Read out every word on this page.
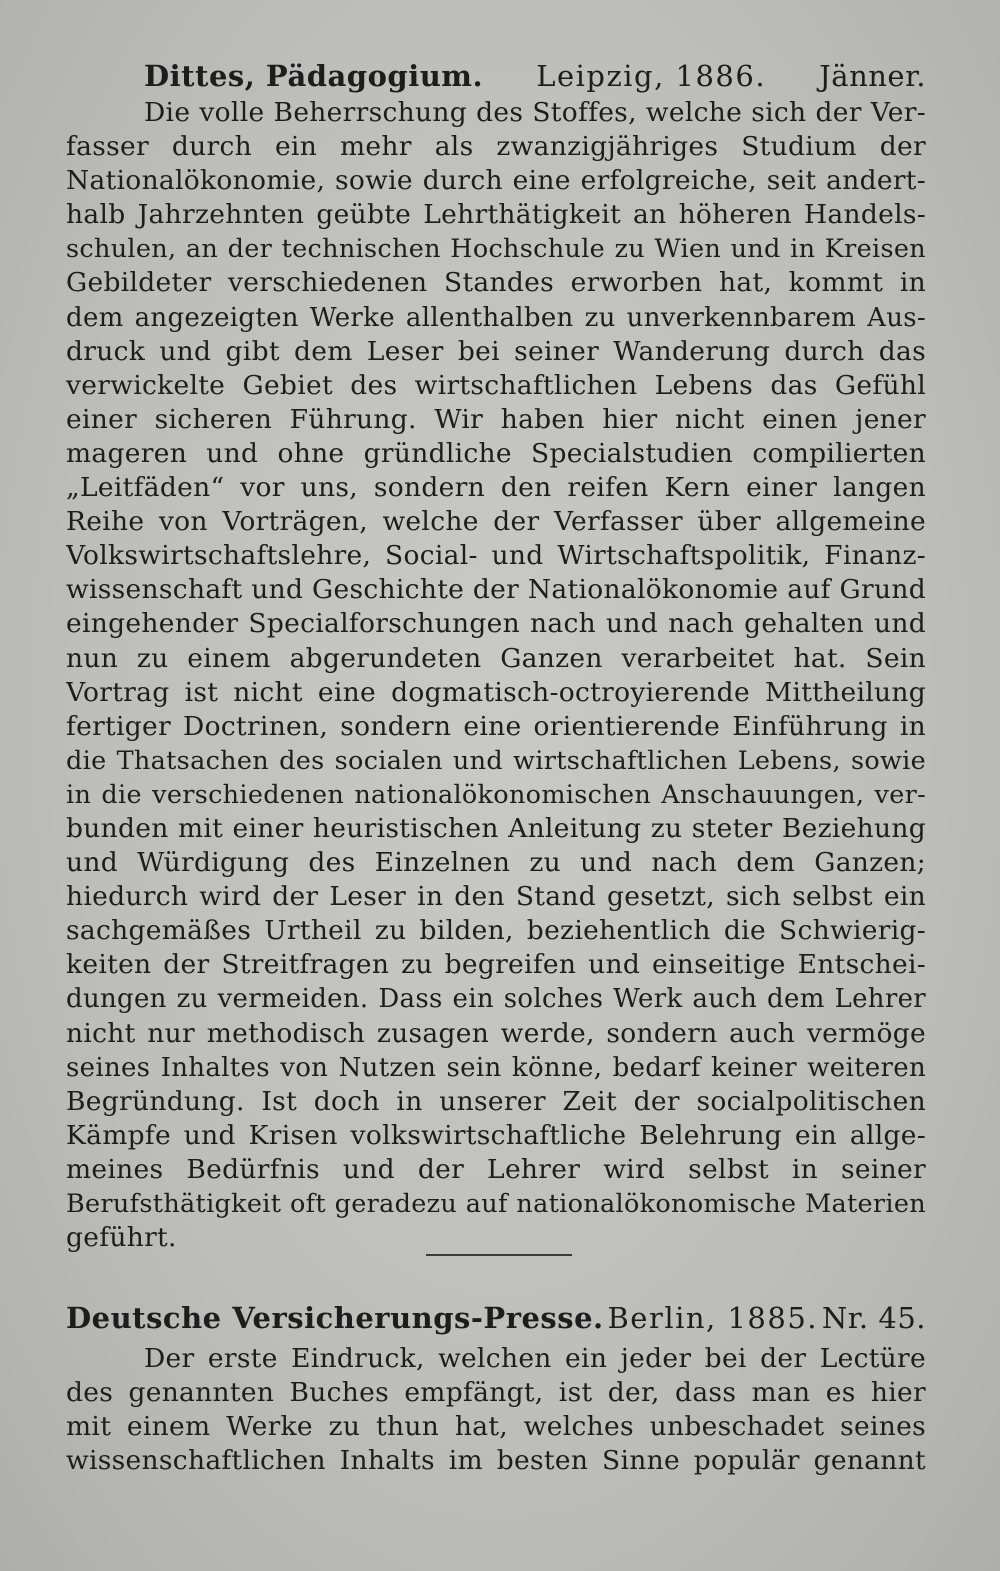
Dittes, Pädagogium. Leipzig, 1886. Jänner.
Die volle Beherrschung des Stoffes, welche sich der Ver-
fasser durch ein mehr als zwanzigjähriges Studium der
Nationalökonomie, sowie durch eine erfolgreiche, seit andert-
halb Jahrzehnten geübte Lehrthätigkeit an höheren Handels-
schulen, an der technischen Hochschule zu Wien und in Kreisen
Gebildeter verschiedenen Standes erworben hat, kommt in
dem angezeigten Werke allenthalben zu unverkennbarem Aus-
druck und gibt dem Leser bei seiner Wanderung durch das
verwickelte Gebiet des wirtschaftlichen Lebens das Gefühl
einer sicheren Führung. Wir haben hier nicht einen jener
mageren und ohne gründliche Specialstudien compilierten
„Leitfäden“ vor uns, sondern den reifen Kern einer langen
Reihe von Vorträgen, welche der Verfasser über allgemeine
Volkswirtschaftslehre, Social- und Wirtschaftspolitik, Finanz-
wissenschaft und Geschichte der Nationalökonomie auf Grund
eingehender Specialforschungen nach und nach gehalten und
nun zu einem abgerundeten Ganzen verarbeitet hat. Sein
Vortrag ist nicht eine dogmatisch-octroyierende Mittheilung
fertiger Doctrinen, sondern eine orientierende Einführung in
die Thatsachen des socialen und wirtschaftlichen Lebens, sowie
in die verschiedenen nationalökonomischen Anschauungen, ver-
bunden mit einer heuristischen Anleitung zu steter Beziehung
und Würdigung des Einzelnen zu und nach dem Ganzen;
hiedurch wird der Leser in den Stand gesetzt, sich selbst ein
sachgemäßes Urtheil zu bilden, beziehentlich die Schwierig-
keiten der Streitfragen zu begreifen und einseitige Entschei-
dungen zu vermeiden. Dass ein solches Werk auch dem Lehrer
nicht nur methodisch zusagen werde, sondern auch vermöge
seines Inhaltes von Nutzen sein könne, bedarf keiner weiteren
Begründung. Ist doch in unserer Zeit der socialpolitischen
Kämpfe und Krisen volkswirtschaftliche Belehrung ein allge-
meines Bedürfnis und der Lehrer wird selbst in seiner
Berufsthätigkeit oft geradezu auf nationalökonomische Materien
geführt.
Deutsche Versicherungs-Presse. Berlin, 1885. Nr. 45.
Der erste Eindruck, welchen ein jeder bei der Lectüre
des genannten Buches empfängt, ist der, dass man es hier
mit einem Werke zu thun hat, welches unbeschadet seines
wissenschaftlichen Inhalts im besten Sinne populär genannt
